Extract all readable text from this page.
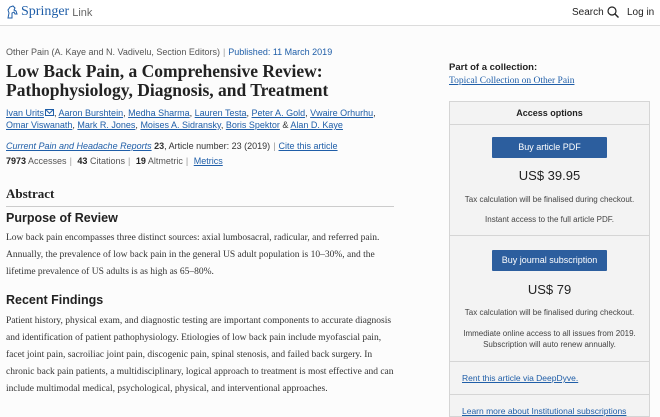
Springer Link	Search Log in
Other Pain (A. Kaye and N. Vadivelu, Section Editors) | Published: 11 March 2019
Low Back Pain, a Comprehensive Review: Pathophysiology, Diagnosis, and Treatment
Ivan Urits , Aaron Burshtein, Medha Sharma, Lauren Testa, Peter A. Gold, Vwaire Orhurhu, Omar Viswanath, Mark R. Jones, Moises A. Sidransky, Boris Spektor & Alan D. Kaye
Current Pain and Headache Reports 23, Article number: 23 (2019) | Cite this article
7973 Accesses | 43 Citations | 19 Altmetric | Metrics
Abstract
Purpose of Review

Low back pain encompasses three distinct sources: axial lumbosacral, radicular, and referred pain. Annually, the prevalence of low back pain in the general US adult population is 10–30%, and the lifetime prevalence of US adults is as high as 65–80%.

Recent Findings

Patient history, physical exam, and diagnostic testing are important components to accurate diagnosis and identification of patient pathophysiology. Etiologies of low back pain include myofascial pain, facet joint pain, sacroiliac joint pain, discogenic pain, spinal stenosis, and failed back surgery. In chronic back pain patients, a multidisciplinary, logical approach to treatment is most effective and can include multimodal medical, psychological, physical, and interventional approaches.

Part of a collection:
Topical Collection on Other Pain
Access options
Buy article PDF
US$ 39.95
Tax calculation will be finalised during checkout.
Instant access to the full article PDF.
Buy journal subscription
US$ 79
Tax calculation will be finalised during checkout.
Immediate online access to all issues from 2019.
Subscription will auto renew annually.
Rent this article via DeepDyve.
Learn more about Institutional subscriptions
